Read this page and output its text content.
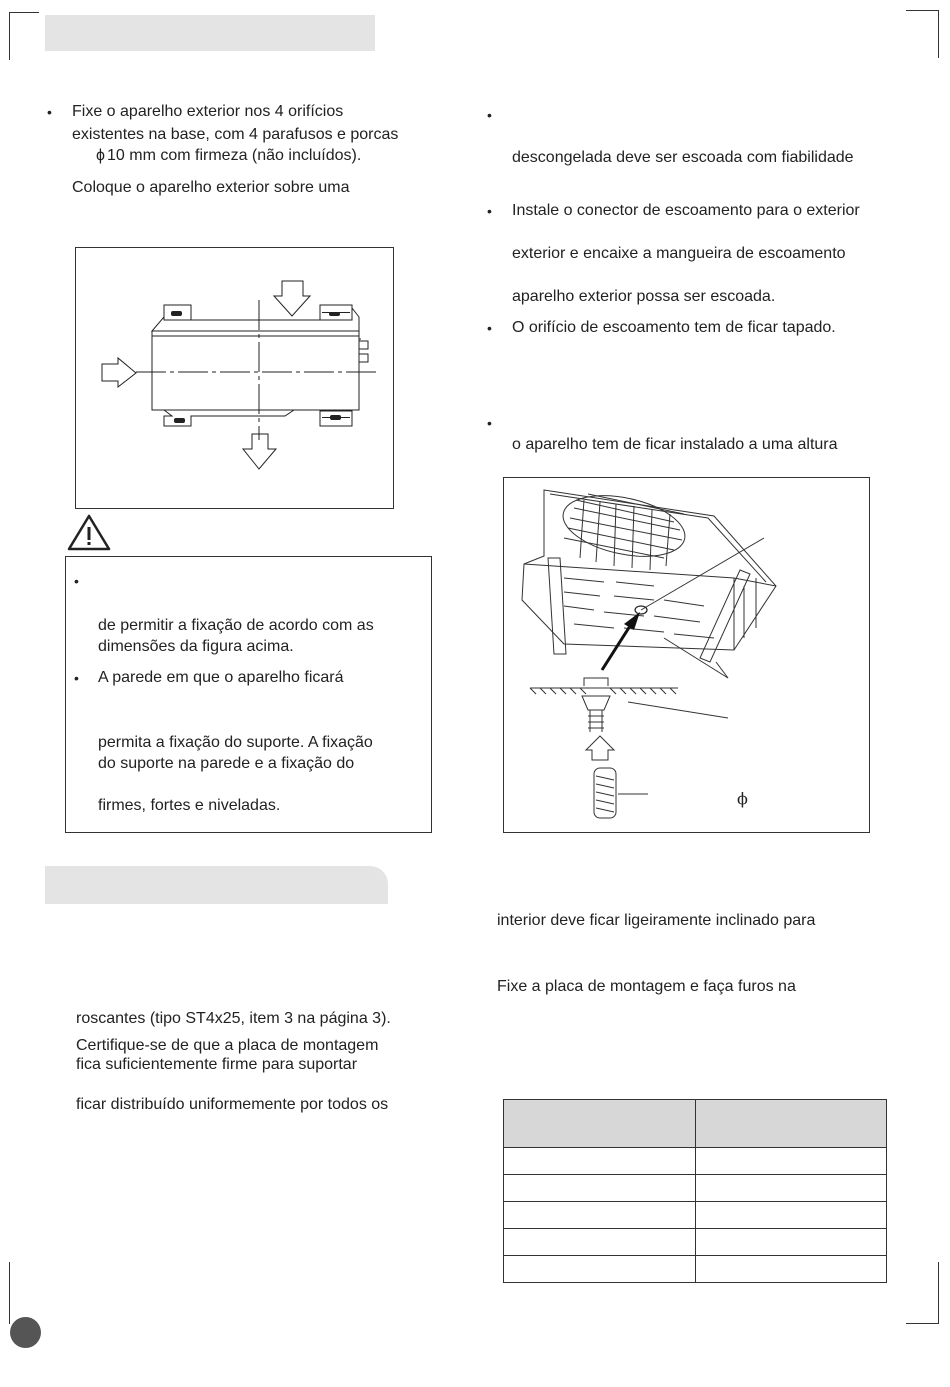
• Fixe o aparelho exterior nos 4 orifícios
existentes na base, com 4 parafusos e porcas
ϕ 10 mm com firmeza (não incluídos).
Coloque o aparelho exterior sobre uma
•
de permitir a fixação de acordo com as
dimensões da figura acima.
• A parede em que o aparelho ficará
permita a fixação do suporte. A fixação
do suporte na parede e a fixação do
firmes, fortes e niveladas.
roscantes (tipo ST4x25, item 3 na página 3).
Certifique-se de que a placa de montagem
fica suficientemente firme para suportar
ficar distribuído uniformemente por todos os
•
descongelada deve ser escoada com fiabilidade
• Instale o conector de escoamento para o exterior
exterior e encaixe a mangueira de escoamento
aparelho exterior possa ser escoada.
• O orifício de escoamento tem de ficar tapado.
•
o aparelho tem de ficar instalado a uma altura
ϕ
interior deve ficar ligeiramente inclinado para
Fixe a placa de montagem e faça furos na
